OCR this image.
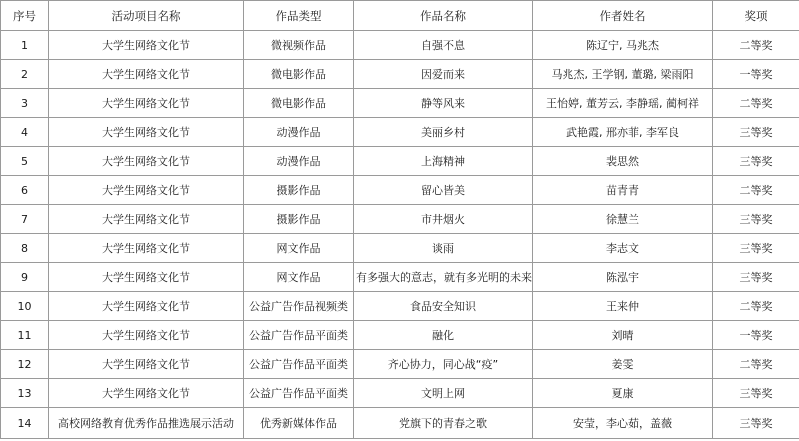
序号	活动项目名称	作品类型	作品名称	作者姓名	奖项
1	大学生网络文化节	微视频作品	自强不息	陈辽宁, 马兆杰	二等奖
2	大学生网络文化节	微电影作品	因爱而来	马兆杰, 王学钢, 董璐, 梁雨阳	一等奖
3	大学生网络文化节	微电影作品	静等风来	王怡婷, 董芳云, 李静瑶, 蔺柯祥	二等奖
4	大学生网络文化节	动漫作品	美丽乡村	武艳霞, 邢亦菲, 李军良	三等奖
5	大学生网络文化节	动漫作品	上海精神	裴思然	三等奖
6	大学生网络文化节	摄影作品	留心皆美	苗青青	二等奖
7	大学生网络文化节	摄影作品	市井烟火	徐慧兰	三等奖
8	大学生网络文化节	网文作品	谈雨	李志文	三等奖
9	大学生网络文化节	网文作品	有多强大的意志，就有多光明的未来	陈泓宇	三等奖
10	大学生网络文化节	公益广告作品视频类	食品安全知识	王来仲	二等奖
11	大学生网络文化节	公益广告作品平面类	融化	刘晴	一等奖
12	大学生网络文化节	公益广告作品平面类	齐心协力，同心战“疫”	姜雯	二等奖
13	大学生网络文化节	公益广告作品平面类	文明上网	夏康	三等奖
14	高校网络教育优秀作品推选展示活动	优秀新媒体作品	党旗下的青春之歌	安莹，李心茹，盖薇	三等奖
